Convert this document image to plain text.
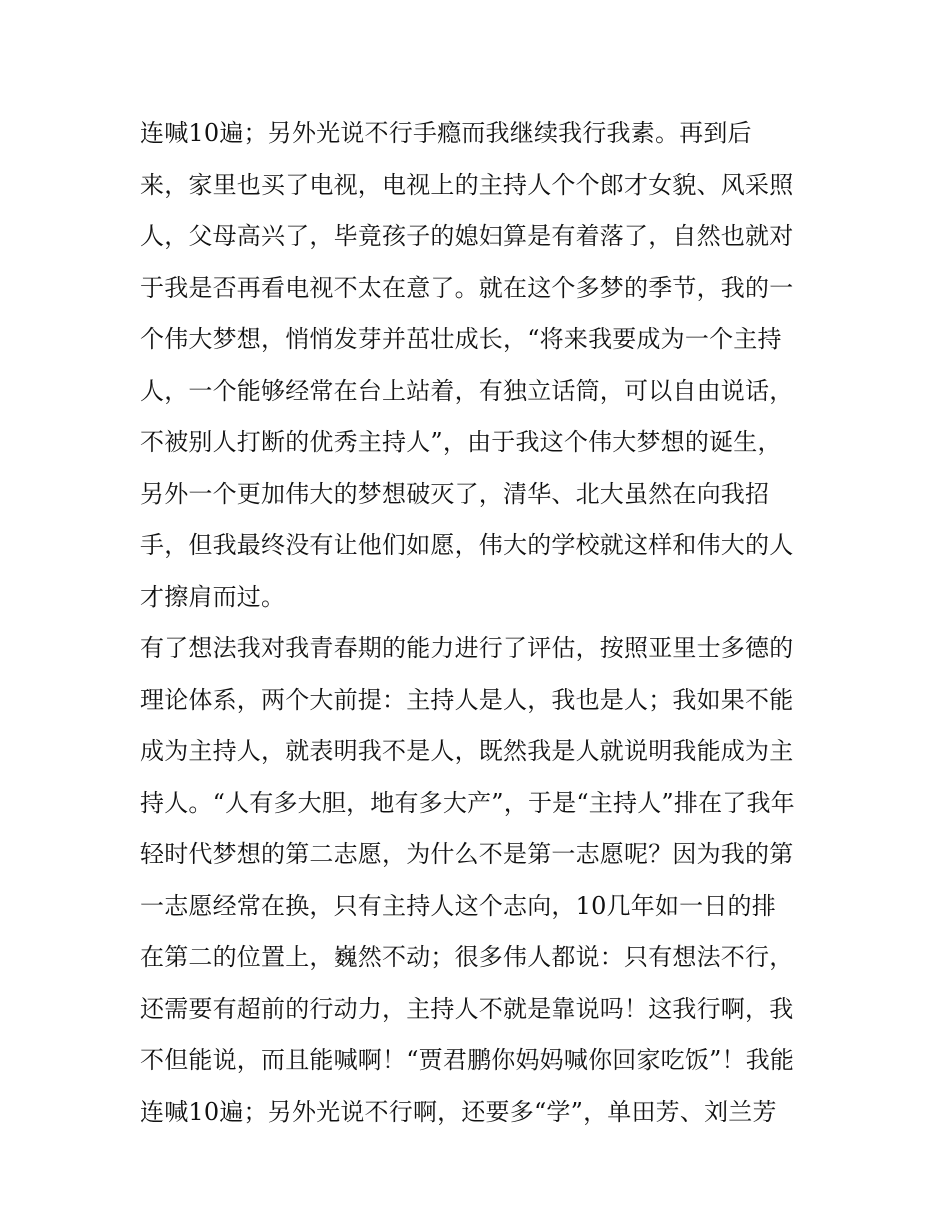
连喊10遍；另外光说不行手瘾而我继续我行我素。再到后
来，家里也买了电视，电视上的主持人个个郎才女貌、风采照
人，父母高兴了，毕竟孩子的媳妇算是有着落了，自然也就对
于我是否再看电视不太在意了。就在这个多梦的季节，我的一
个伟大梦想，悄悄发芽并茁壮成长，“将来我要成为一个主持
人，一个能够经常在台上站着，有独立话筒，可以自由说话，
不被别人打断的优秀主持人”，由于我这个伟大梦想的诞生，
另外一个更加伟大的梦想破灭了，清华、北大虽然在向我招
手，但我最终没有让他们如愿，伟大的学校就这样和伟大的人
才擦肩而过。
有了想法我对我青春期的能力进行了评估，按照亚里士多德的
理论体系，两个大前提：主持人是人，我也是人；我如果不能
成为主持人，就表明我不是人，既然我是人就说明我能成为主
持人。“人有多大胆，地有多大产”，于是“主持人”排在了我年
轻时代梦想的第二志愿，为什么不是第一志愿呢？因为我的第
一志愿经常在换，只有主持人这个志向，10几年如一日的排
在第二的位置上，巍然不动；很多伟人都说：只有想法不行，
还需要有超前的行动力，主持人不就是靠说吗！这我行啊，我
不但能说，而且能喊啊！“贾君鹏你妈妈喊你回家吃饭”！我能
连喊10遍；另外光说不行啊，还要多“学”，单田芳、刘兰芳
